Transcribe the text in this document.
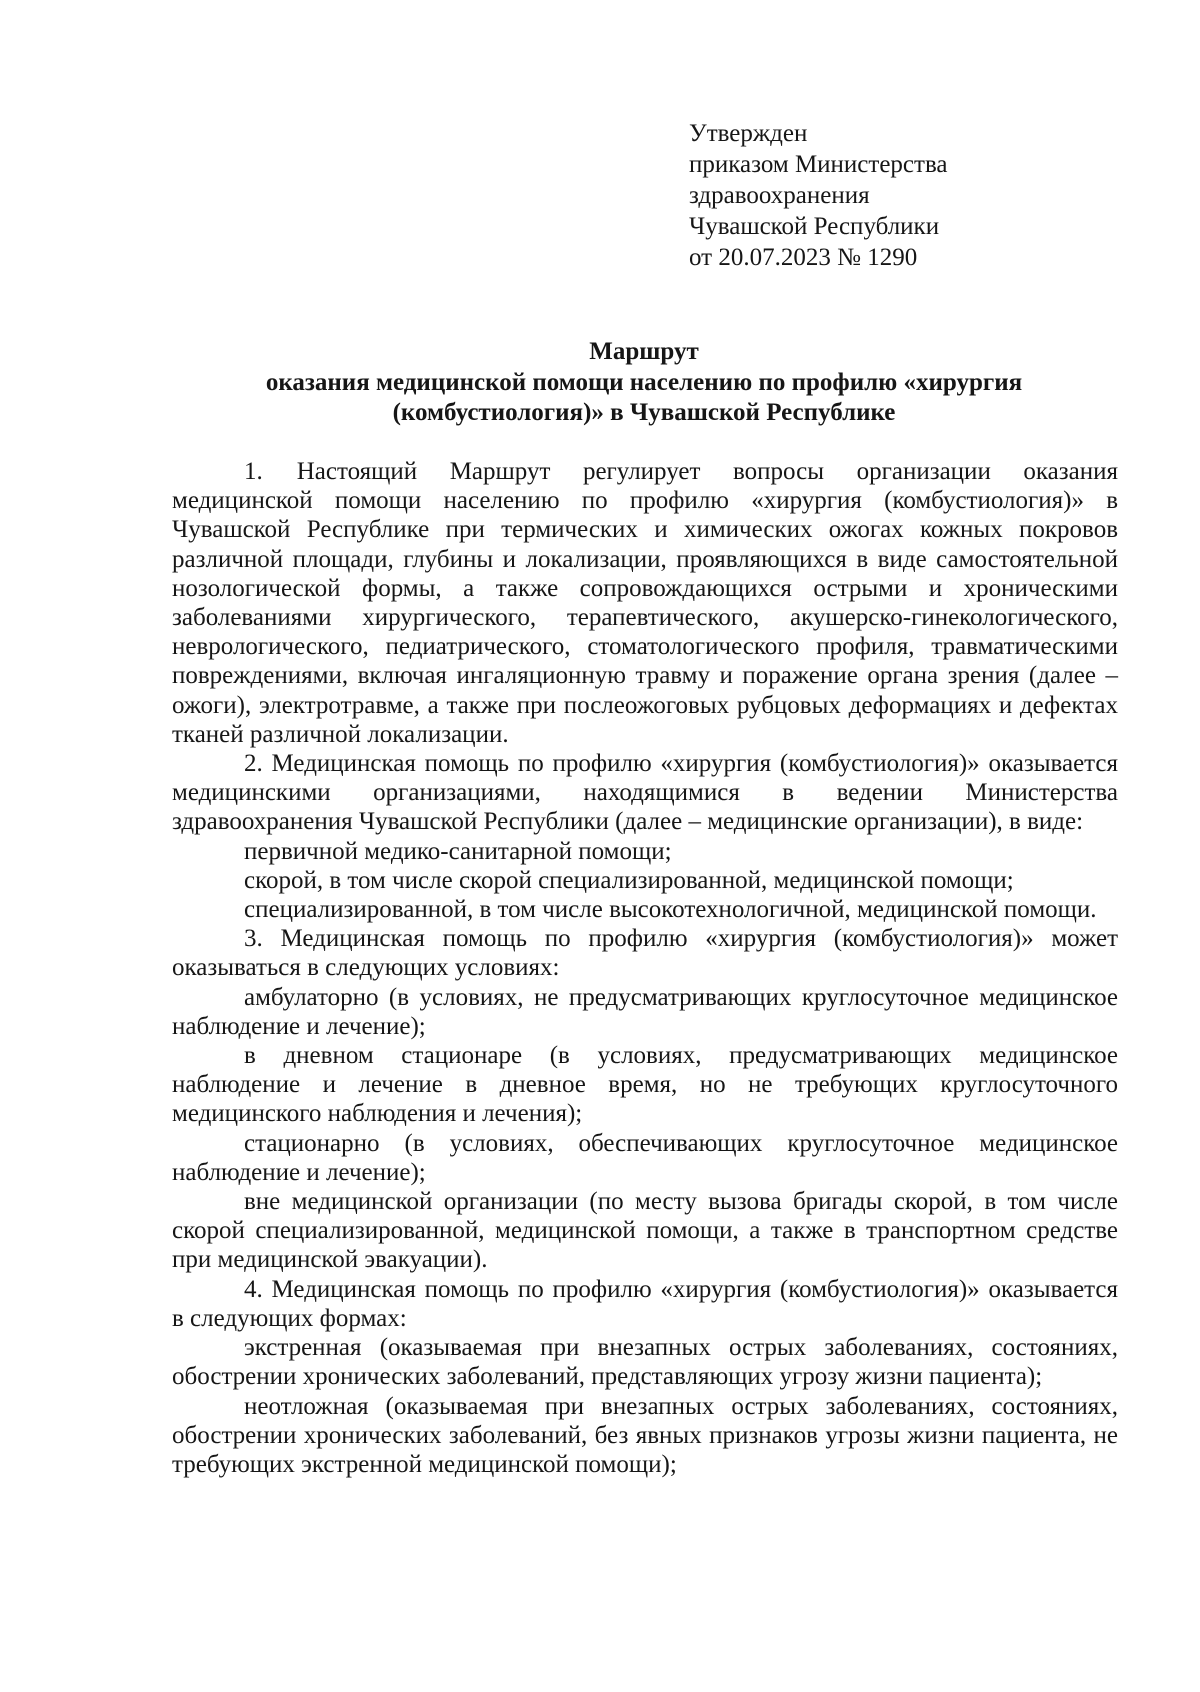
Утвержден
приказом Министерства
здравоохранения
Чувашской Республики
от 20.07.2023 № 1290
Маршрут
оказания медицинской помощи населению по профилю «хирургия
(комбустиология)» в Чувашской Республике

1. Настоящий Маршрут регулирует вопросы организации оказания медицинской помощи населению по профилю «хирургия (комбустиология)» в Чувашской Республике при термических и химических ожогах кожных покровов различной площади, глубины и локализации, проявляющихся в виде самостоятельной нозологической формы, а также сопровождающихся острыми и хроническими заболеваниями хирургического, терапевтического, акушерско-гинекологического, неврологического, педиатрического, стоматологического профиля, травматическими повреждениями, включая ингаляционную травму и поражение органа зрения (далее – ожоги), электротравме, а также при послеожоговых рубцовых деформациях и дефектах тканей различной локализации.

2. Медицинская помощь по профилю «хирургия (комбустиология)» оказывается медицинскими организациями, находящимися в ведении Министерства здравоохранения Чувашской Республики (далее – медицинские организации), в виде:

первичной медико-санитарной помощи;

скорой, в том числе скорой специализированной, медицинской помощи;

специализированной, в том числе высокотехнологичной, медицинской помощи.

3. Медицинская помощь по профилю «хирургия (комбустиология)» может оказываться в следующих условиях:

амбулаторно (в условиях, не предусматривающих круглосуточное медицинское наблюдение и лечение);

в дневном стационаре (в условиях, предусматривающих медицинское наблюдение и лечение в дневное время, но не требующих круглосуточного медицинского наблюдения и лечения);

стационарно (в условиях, обеспечивающих круглосуточное медицинское наблюдение и лечение);

вне медицинской организации (по месту вызова бригады скорой, в том числе скорой специализированной, медицинской помощи, а также в транспортном средстве при медицинской эвакуации).

4. Медицинская помощь по профилю «хирургия (комбустиология)» оказывается в следующих формах:

экстренная (оказываемая при внезапных острых заболеваниях, состояниях, обострении хронических заболеваний, представляющих угрозу жизни пациента);

неотложная (оказываемая при внезапных острых заболеваниях, состояниях, обострении хронических заболеваний, без явных признаков угрозы жизни пациента, не требующих экстренной медицинской помощи);
